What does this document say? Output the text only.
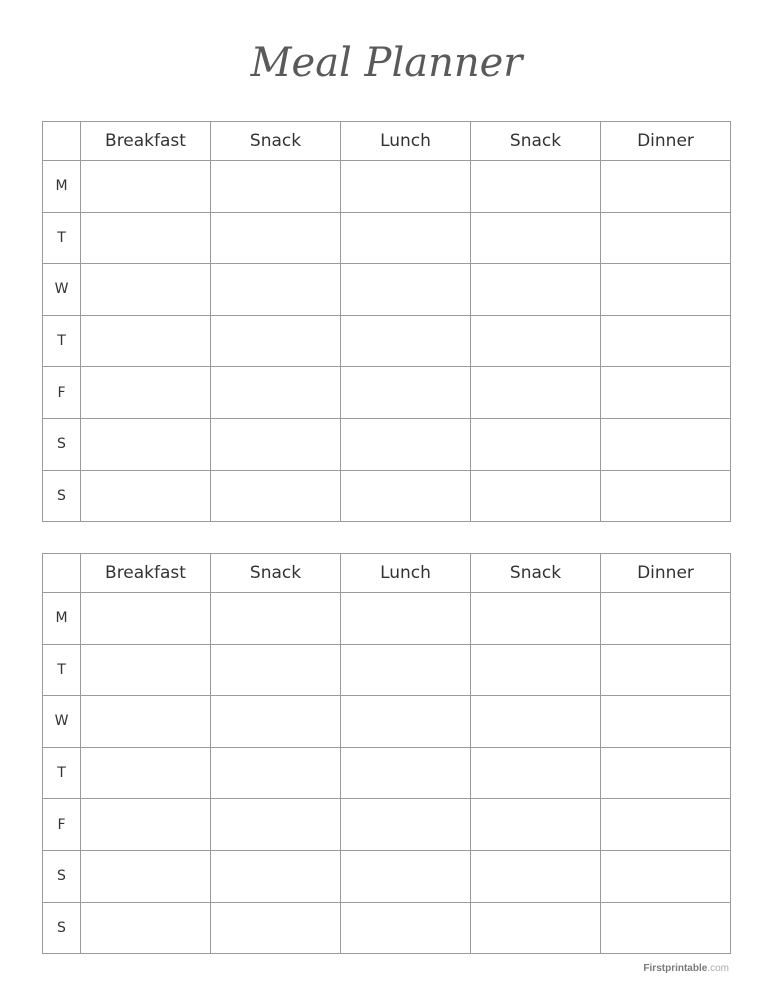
Meal Planner
	Breakfast	Snack	Lunch	Snack	Dinner
M					
T					
W					
T					
F					
S					
S					
	Breakfast	Snack	Lunch	Snack	Dinner
M					
T					
W					
T					
F					
S					
S					
Firstprintable.com
